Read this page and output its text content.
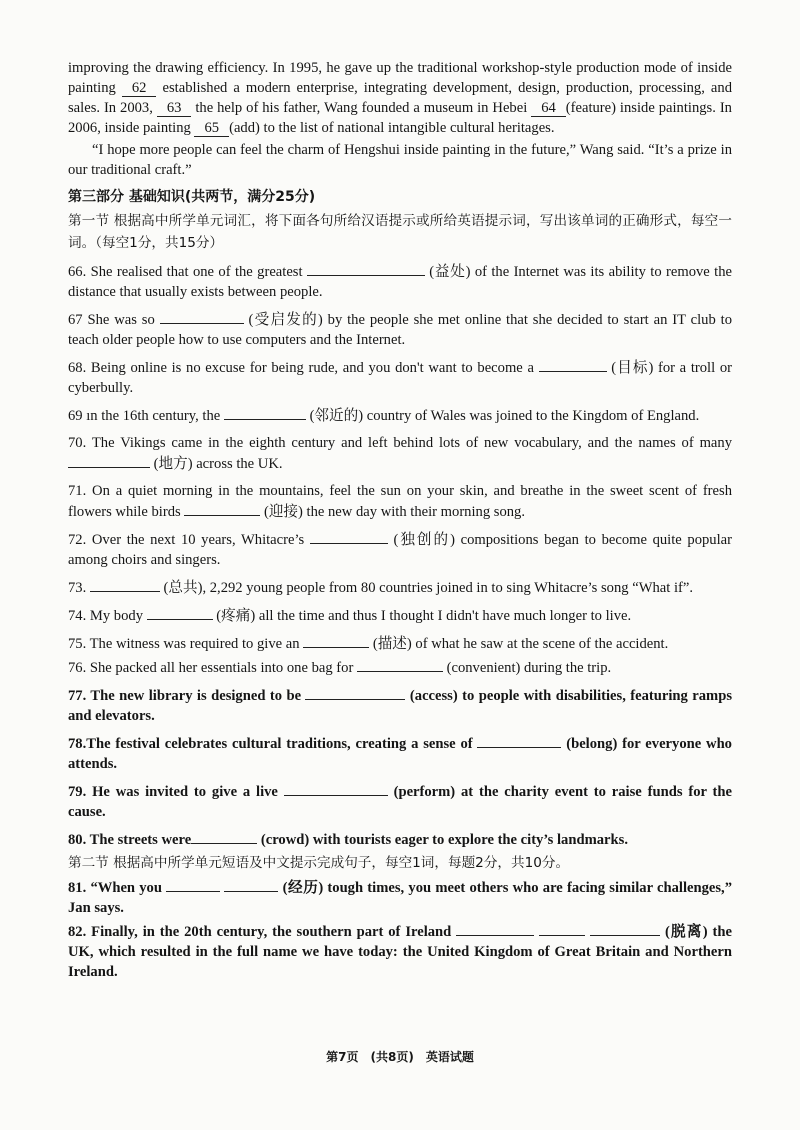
improving the drawing efficiency. In 1995, he gave up the traditional workshop-style production mode of inside painting 62 established a modern enterprise, integrating development, design, production, processing, and sales. In 2003, 63 the help of his father, Wang founded a museum in Hebei 64 (feature) inside paintings. In 2006, inside painting 65 (add) to the list of national intangible cultural heritages.

“I hope more people can feel the charm of Hengshui inside painting in the future,” Wang said. “It’s a prize in our traditional craft.”

第三部分 基础知识(共两节，满分25分)
第一节 根据高中所学单元词汇，将下面各句所给汉语提示或所给英语提示词，写出该单词的正确形式，每空一词。（每空1分，共15分）

66. She realised that one of the greatest	(益处) of the Internet was its ability to remove the distance that usually exists between people.

67 She was so	(受启发的) by the people she met online that she decided to start an IT club to teach older people how to use computers and the Internet.

68. Being online is no excuse for being rude, and you don't want to become a	(目标) for a troll or cyberbully.

69 ın the 16th century, the	(邻近的) country of Wales was joined to the Kingdom of England.

70. The Vikings came in the eighth century and left behind lots of new vocabulary, and the names of many  (地方) across the UK.

71. On a quiet morning in the mountains, feel the sun on your skin, and breathe in the sweet scent of fresh flowers while birds	(迎接) the new day with their morning song.

72. Over the next 10 years, Whitacre’s	(独创的) compositions began to become quite popular among choirs and singers.

73.	(总共), 2,292 young people from 80 countries joined in to sing Whitacre’s song “What if”.

74. My body	(疼痛) all the time and thus I thought I didn't have much longer to live.

75. The witness was required to give an	(描述) of what he saw at the scene of the accident.

76. She packed all her essentials into one bag for	(convenient) during the trip.

77. The new library is designed to be	(access) to people with disabilities, featuring ramps and elevators.

78.The festival celebrates cultural traditions, creating a sense of	(belong) for everyone who attends.

79. He was invited to give a live	(perform) at the charity event to raise funds for the cause.

80. The streets were	(crowd) with tourists eager to explore the city’s landmarks.

第二节 根据高中所学单元短语及中文提示完成句子，每空1词，每题2分，共10分。

81. “When you	(经历) tough times, you meet others who are facing similar challenges,” Jan says.

82. Finally, in the 20th century, the southern part of Ireland	(脱离) the UK, which resulted in the full name we have today: the United Kingdom of Great Britain and Northern Ireland.

第7页 (共8页) 英语试题
